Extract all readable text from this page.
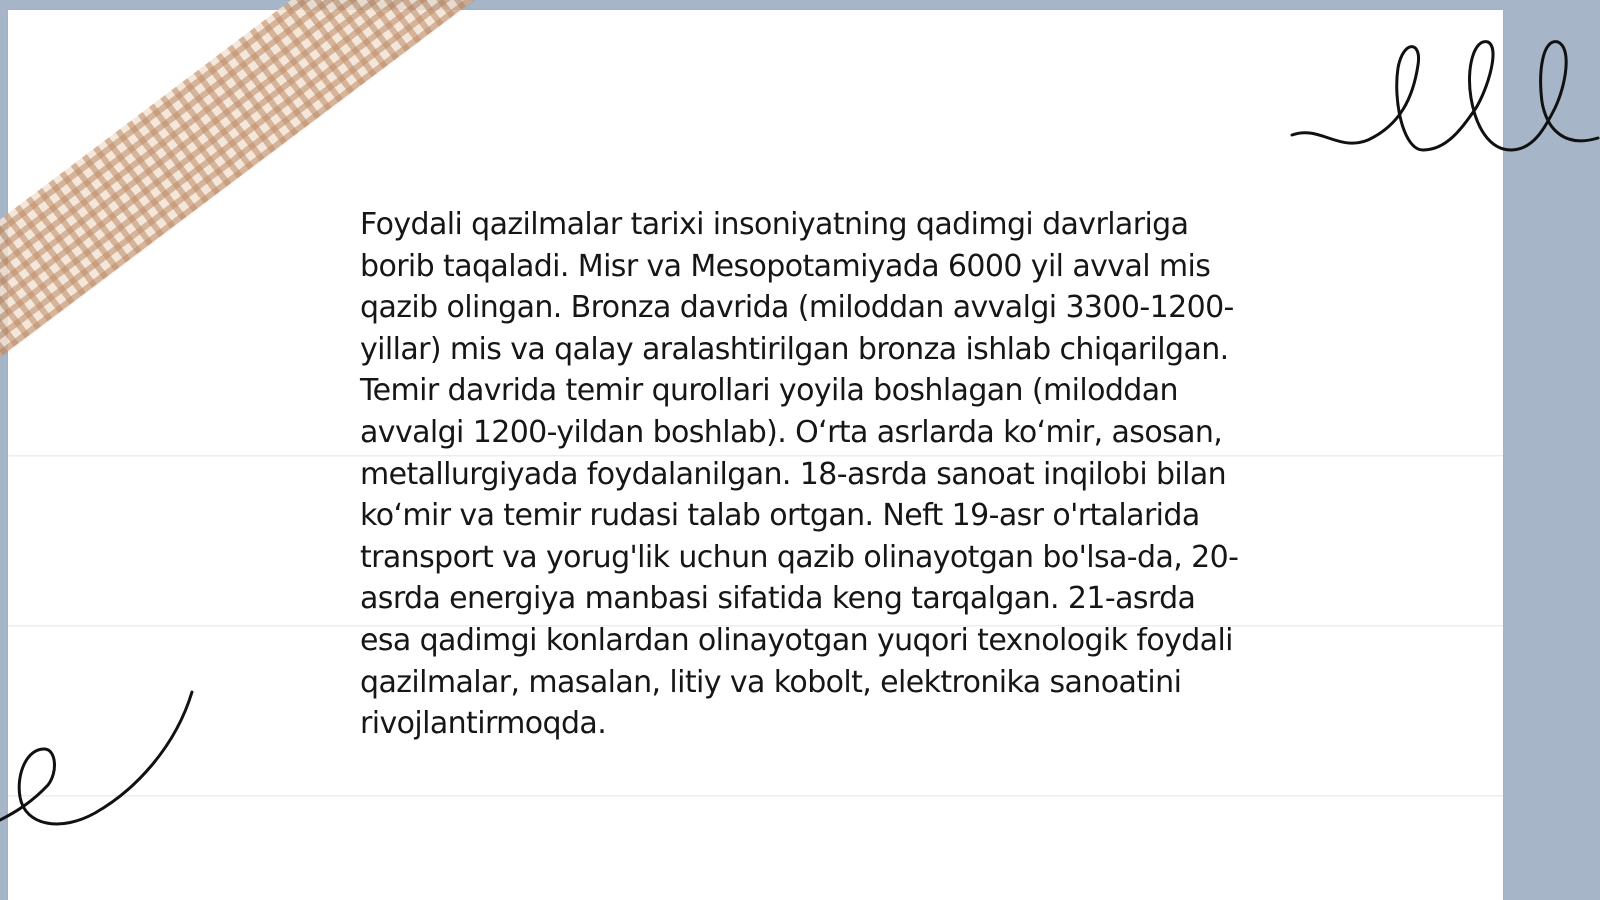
Foydali qazilmalar tarixi insoniyatning qadimgi davrlariga borib taqaladi. Misr va Mesopotamiyada 6000 yil avval mis qazib olingan. Bronza davrida (miloddan avvalgi 3300-1200-yillar) mis va qalay aralashtirilgan bronza ishlab chiqarilgan. Temir davrida temir qurollari yoyila boshlagan (miloddan avvalgi 1200-yildan boshlab). O‘rta asrlarda ko‘mir, asosan, metallurgiyada foydalanilgan. 18-asrda sanoat inqilobi bilan ko‘mir va temir rudasi talab ortgan. Neft 19-asr o'rtalarida transport va yorug'lik uchun qazib olinayotgan bo'lsa-da, 20-asrda energiya manbasi sifatida keng tarqalgan. 21-asrda esa qadimgi konlardan olinayotgan yuqori texnologik foydali qazilmalar, masalan, litiy va kobolt, elektronika sanoatini rivojlantirmoqda.
